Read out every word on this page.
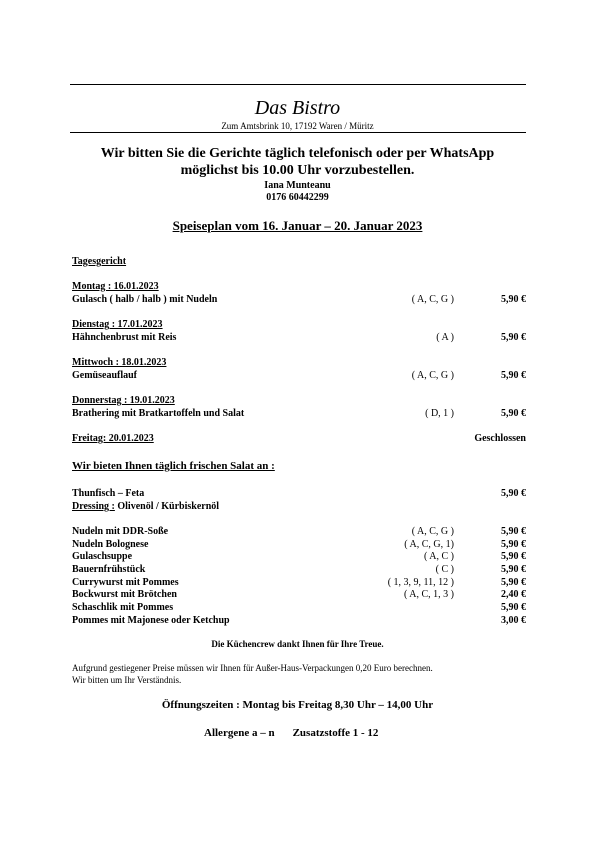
Das Bistro
Zum Amtsbrink 10, 17192 Waren / Müritz
Wir bitten Sie die Gerichte täglich telefonisch oder per WhatsApp
möglichst bis 10.00 Uhr vorzubestellen.
Iana Munteanu
0176 60442299
Speiseplan vom 16. Januar – 20. Januar 2023
Tagesgericht
Montag : 16.01.2023
Gulasch ( halb / halb ) mit Nudeln	( A, C, G )	5,90 €
Dienstag : 17.01.2023
Hähnchenbrust mit Reis	( A )	5,90 €
Mittwoch : 18.01.2023
Gemüseauflauf	( A, C, G )	5,90 €
Donnerstag : 19.01.2023
Brathering mit Bratkartoffeln und Salat	( D, 1 )	5,90 €
Freitag: 20.01.2023	Geschlossen
Wir bieten Ihnen täglich frischen Salat an :
Thunfisch – Feta	5,90 €
Dressing : Olivenöl / Kürbiskernöl
Nudeln mit DDR-Soße	( A, C, G )	5,90 €
Nudeln Bolognese	( A, C, G, 1)	5,90 €
Gulaschsuppe	( A, C )	5,90 €
Bauernfrühstück	( C )	5,90 €
Currywurst mit Pommes	( 1, 3, 9, 11, 12 )	5,90 €
Bockwurst mit Brötchen	( A, C, 1, 3 )	2,40 €
Schaschlik mit Pommes	5,90 €
Pommes mit Majonese oder Ketchup	3,00 €
Die Küchencrew dankt Ihnen für Ihre Treue.
Aufgrund gestiegener Preise müssen wir Ihnen für Außer-Haus-Verpackungen 0,20 Euro berechnen.
Wir bitten um Ihr Verständnis.
Öffnungszeiten : Montag bis Freitag 8,30 Uhr – 14,00 Uhr
Allergene a – n Zusatzstoffe 1 - 12
